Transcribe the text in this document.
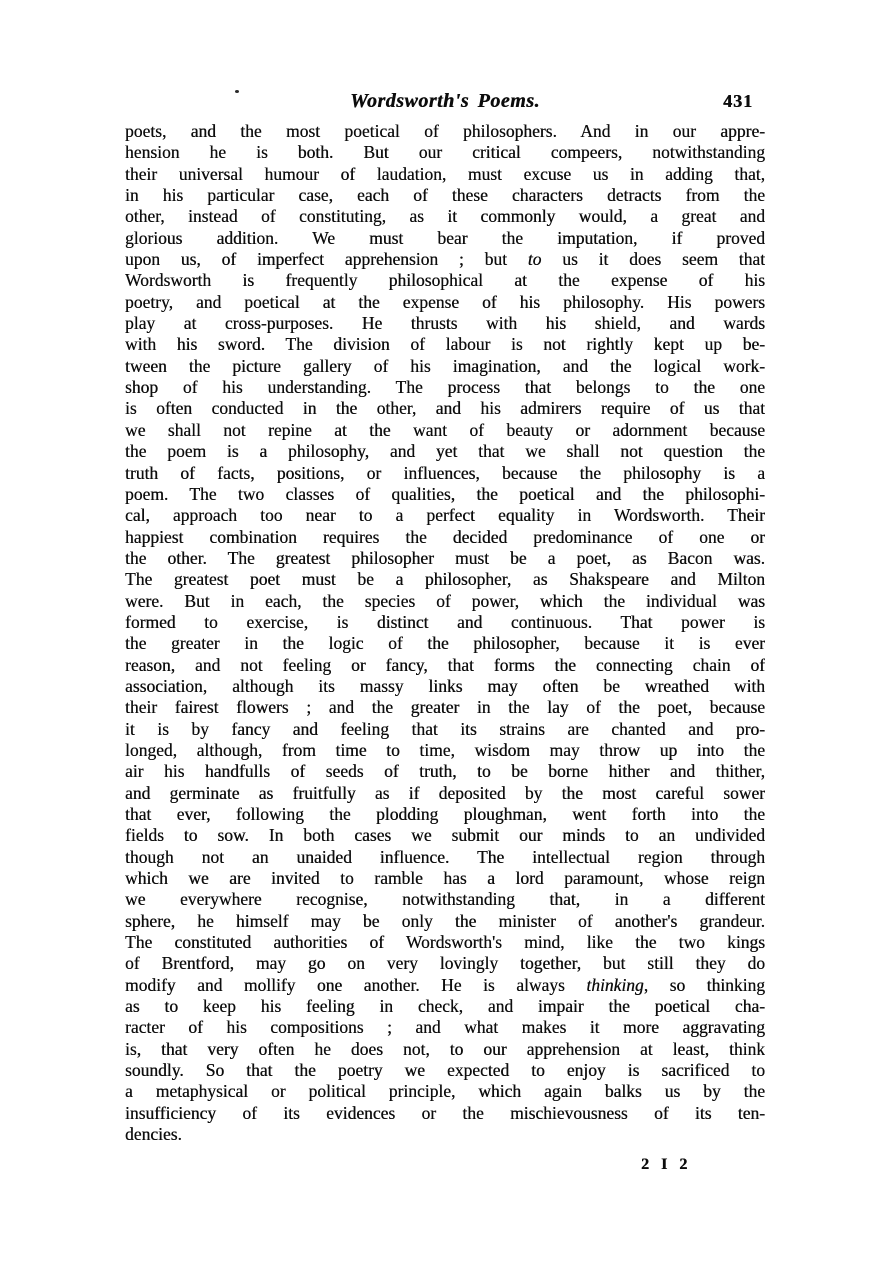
Wordsworth's Poems.	431
poets, and the most poetical of philosophers. And in our appre-
hension he is both. But our critical compeers, notwithstanding
their universal humour of laudation, must excuse us in adding that,
in his particular case, each of these characters detracts from the
other, instead of constituting, as it commonly would, a great and
glorious addition. We must bear the imputation, if proved
upon us, of imperfect apprehension ; but to us it does seem that
Wordsworth is frequently philosophical at the expense of his
poetry, and poetical at the expense of his philosophy. His powers
play at cross-purposes. He thrusts with his shield, and wards
with his sword. The division of labour is not rightly kept up be-
tween the picture gallery of his imagination, and the logical work-
shop of his understanding. The process that belongs to the one
is often conducted in the other, and his admirers require of us that
we shall not repine at the want of beauty or adornment because
the poem is a philosophy, and yet that we shall not question the
truth of facts, positions, or influences, because the philosophy is a
poem. The two classes of qualities, the poetical and the philosophi-
cal, approach too near to a perfect equality in Wordsworth. Their
happiest combination requires the decided predominance of one or
the other. The greatest philosopher must be a poet, as Bacon was.
The greatest poet must be a philosopher, as Shakspeare and Milton
were. But in each, the species of power, which the individual was
formed to exercise, is distinct and continuous. That power is
the greater in the logic of the philosopher, because it is ever
reason, and not feeling or fancy, that forms the connecting chain of
association, although its massy links may often be wreathed with
their fairest flowers ; and the greater in the lay of the poet, because
it is by fancy and feeling that its strains are chanted and pro-
longed, although, from time to time, wisdom may throw up into the
air his handfulls of seeds of truth, to be borne hither and thither,
and germinate as fruitfully as if deposited by the most careful sower
that ever, following the plodding ploughman, went forth into the
fields to sow. In both cases we submit our minds to an undivided
though not an unaided influence. The intellectual region through
which we are invited to ramble has a lord paramount, whose reign
we everywhere recognise, notwithstanding that, in a different
sphere, he himself may be only the minister of another's grandeur.
The constituted authorities of Wordsworth's mind, like the two kings
of Brentford, may go on very lovingly together, but still they do
modify and mollify one another. He is always thinking, so thinking
as to keep his feeling in check, and impair the poetical cha-
racter of his compositions ; and what makes it more aggravating
is, that very often he does not, to our apprehension at least, think
soundly. So that the poetry we expected to enjoy is sacrificed to
a metaphysical or political principle, which again balks us by the
insufficiency of its evidences or the mischievousness of its ten-
dencies.
2 I 2
